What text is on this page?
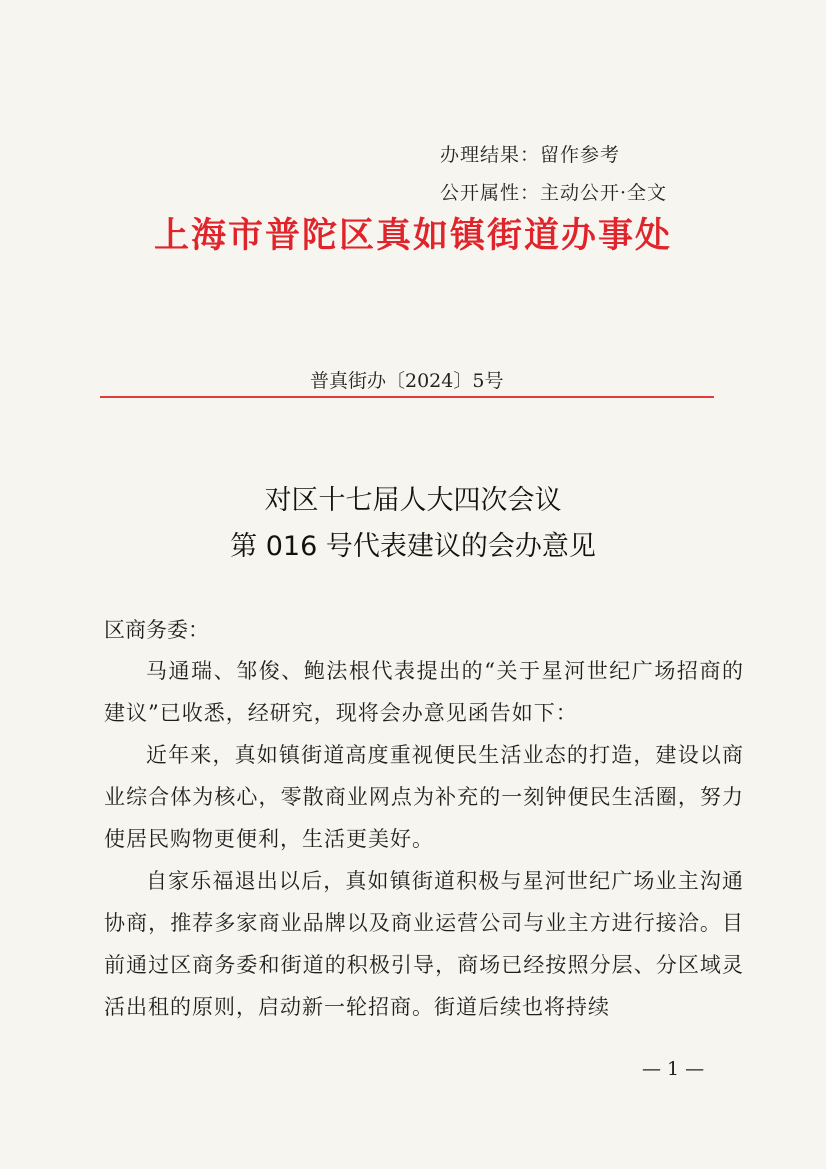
办理结果：留作参考
公开属性：主动公开·全文
上海市普陀区真如镇街道办事处
普真街办〔2024〕5号
对区十七届人大四次会议
第 016 号代表建议的会办意见
区商务委：

马通瑞、邹俊、鲍法根代表提出的“关于星河世纪广场招商的建议”已收悉，经研究，现将会办意见函告如下：

近年来，真如镇街道高度重视便民生活业态的打造，建设以商业综合体为核心，零散商业网点为补充的一刻钟便民生活圈，努力使居民购物更便利，生活更美好。

自家乐福退出以后，真如镇街道积极与星河世纪广场业主沟通协商，推荐多家商业品牌以及商业运营公司与业主方进行接洽。目前通过区商务委和街道的积极引导，商场已经按照分层、分区域灵活出租的原则，启动新一轮招商。街道后续也将持续

— 1 —
